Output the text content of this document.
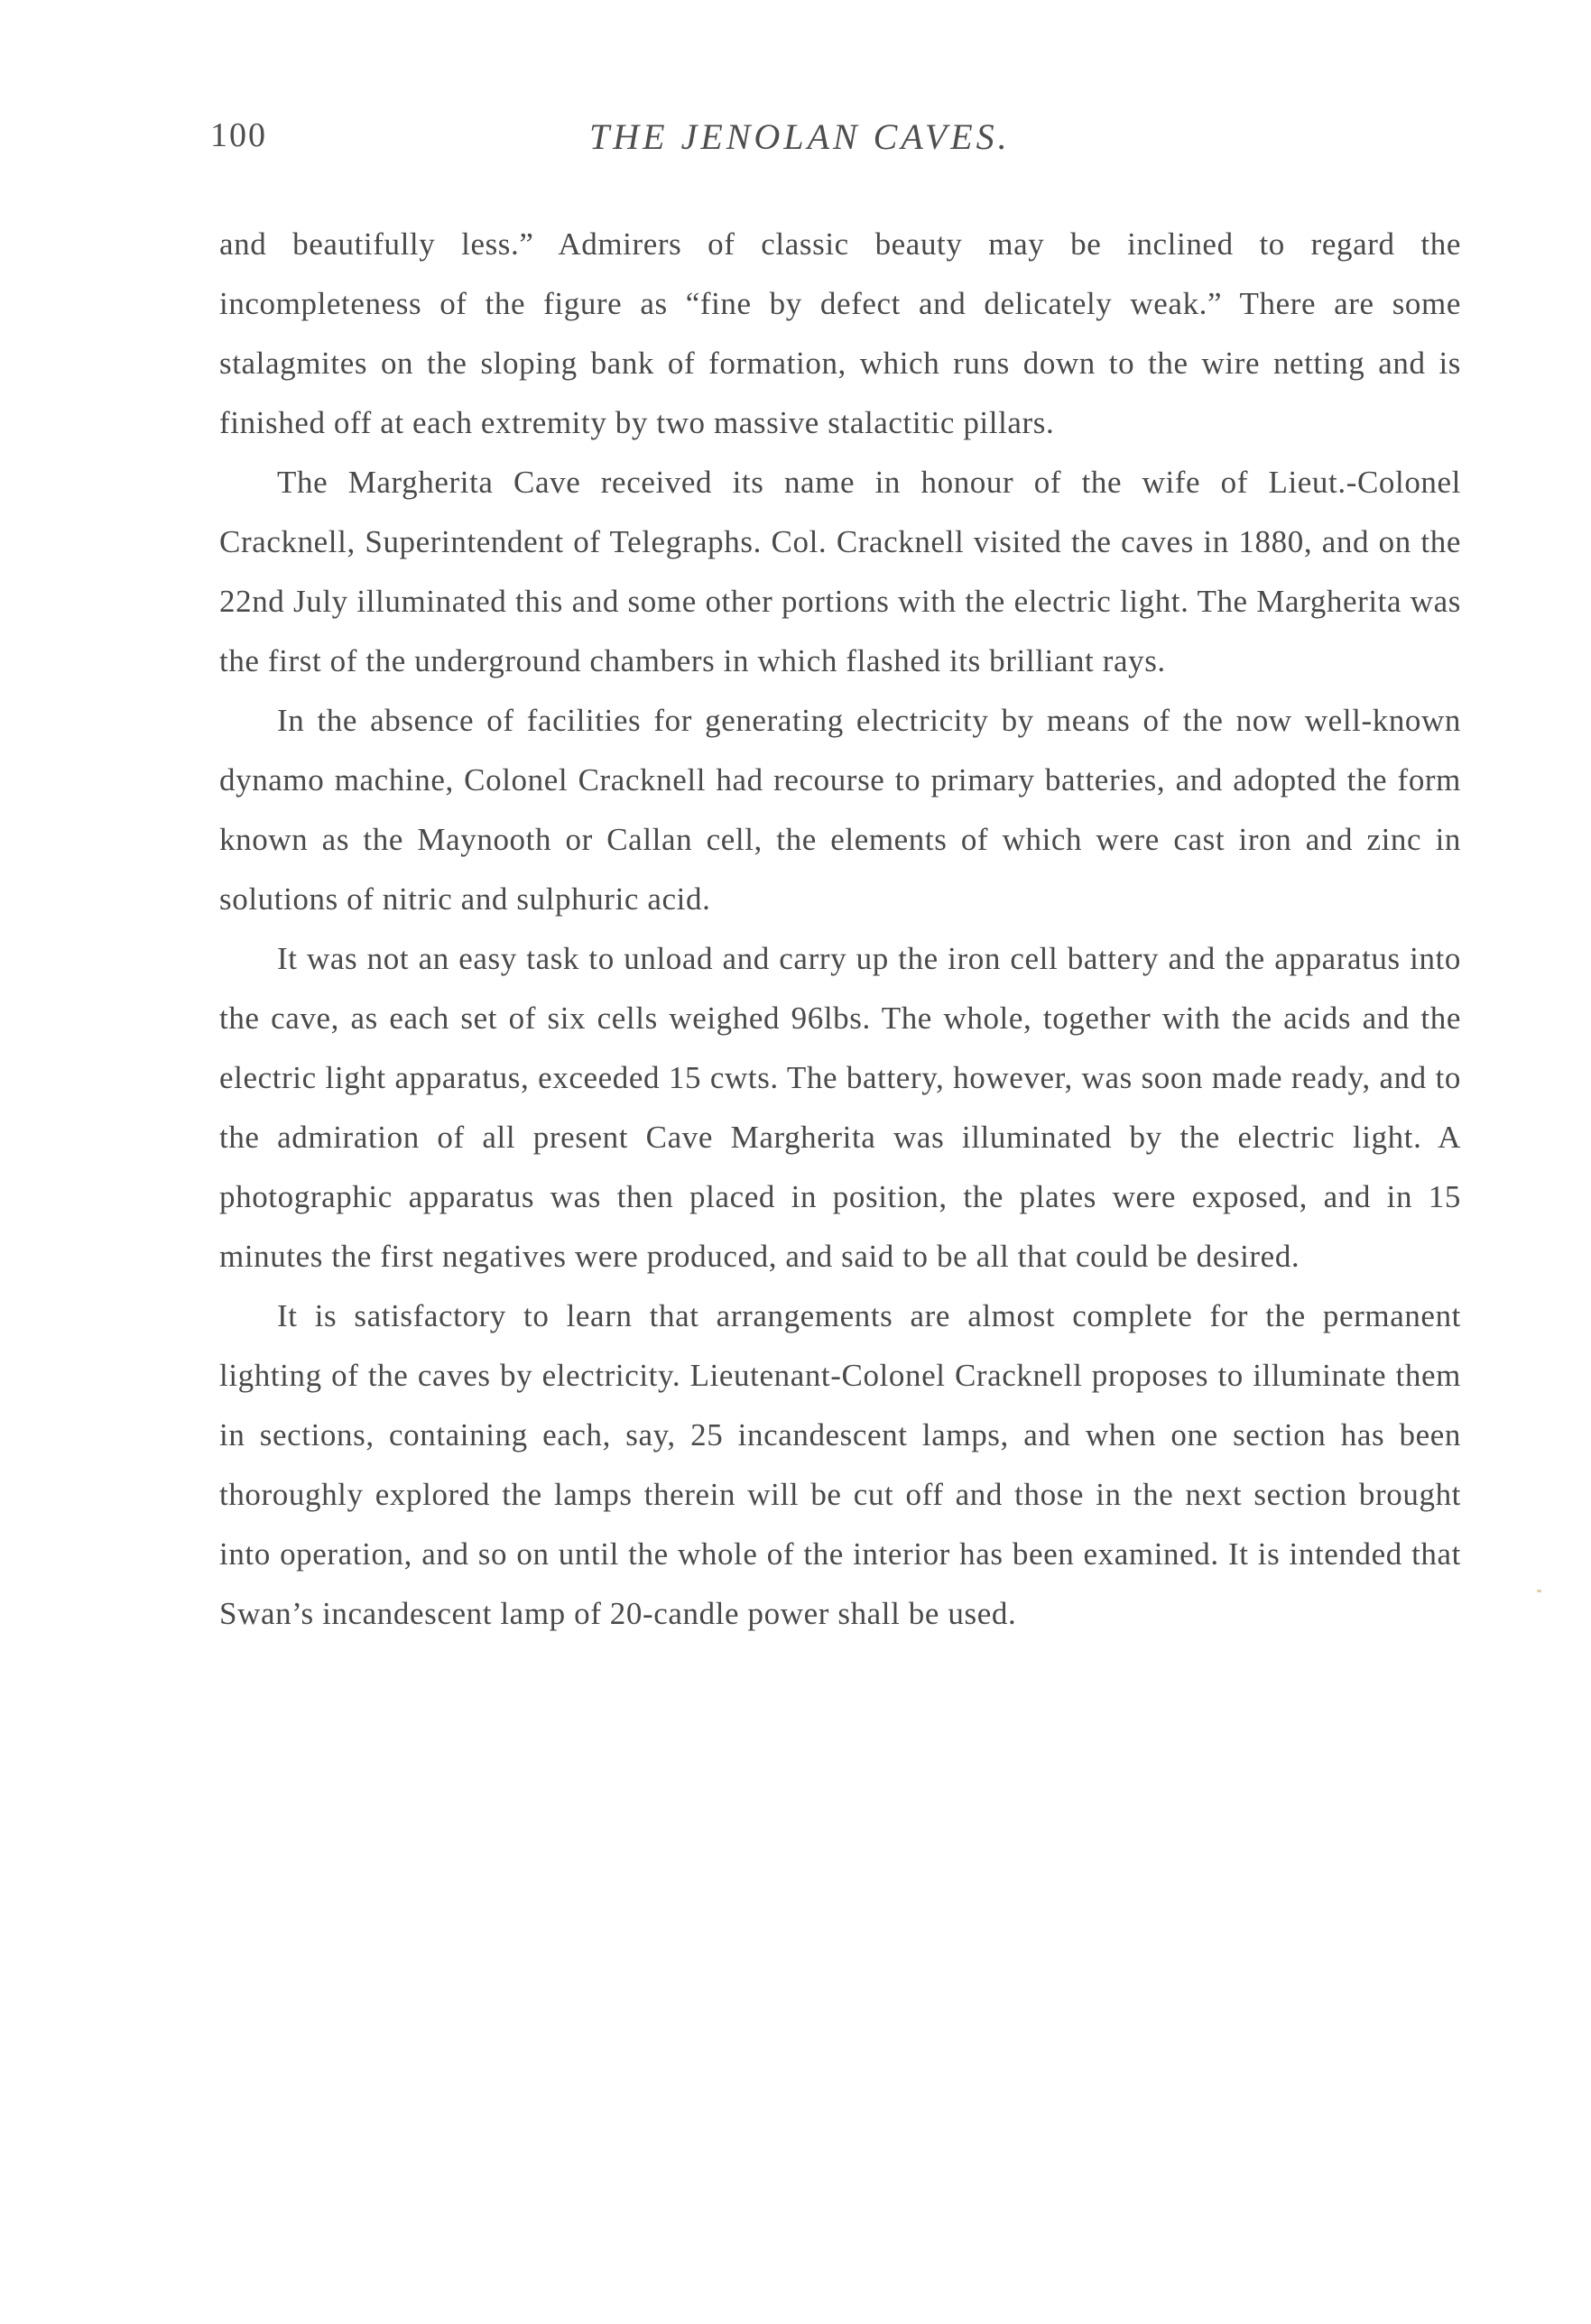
100	THE JENOLAN CAVES.

and beautifully less.” Admirers of classic beauty may be inclined to regard the incompleteness of the figure as “fine by defect and delicately weak.” There are some stalagmites on the sloping bank of formation, which runs down to the wire netting and is finished off at each extremity by two massive stalactitic pillars.

The Margherita Cave received its name in honour of the wife of Lieut.-Colonel Cracknell, Superintendent of Telegraphs. Col. Cracknell visited the caves in 1880, and on the 22nd July illuminated this and some other portions with the electric light. The Margherita was the first of the underground chambers in which flashed its brilliant rays.

In the absence of facilities for generating electricity by means of the now well-known dynamo machine, Colonel Cracknell had recourse to primary batteries, and adopted the form known as the Maynooth or Callan cell, the elements of which were cast iron and zinc in solutions of nitric and sulphuric acid.

It was not an easy task to unload and carry up the iron cell battery and the apparatus into the cave, as each set of six cells weighed 96lbs. The whole, together with the acids and the electric light apparatus, exceeded 15 cwts. The battery, however, was soon made ready, and to the admiration of all present Cave Margherita was illuminated by the electric light. A photographic apparatus was then placed in position, the plates were exposed, and in 15 minutes the first negatives were produced, and said to be all that could be desired.

It is satisfactory to learn that arrangements are almost complete for the permanent lighting of the caves by electricity. Lieutenant-Colonel Cracknell proposes to illuminate them in sections, containing each, say, 25 incandescent lamps, and when one section has been thoroughly explored the lamps therein will be cut off and those in the next section brought into operation, and so on until the whole of the interior has been examined. It is intended that Swan’s incandescent lamp of 20-candle power shall be used.
